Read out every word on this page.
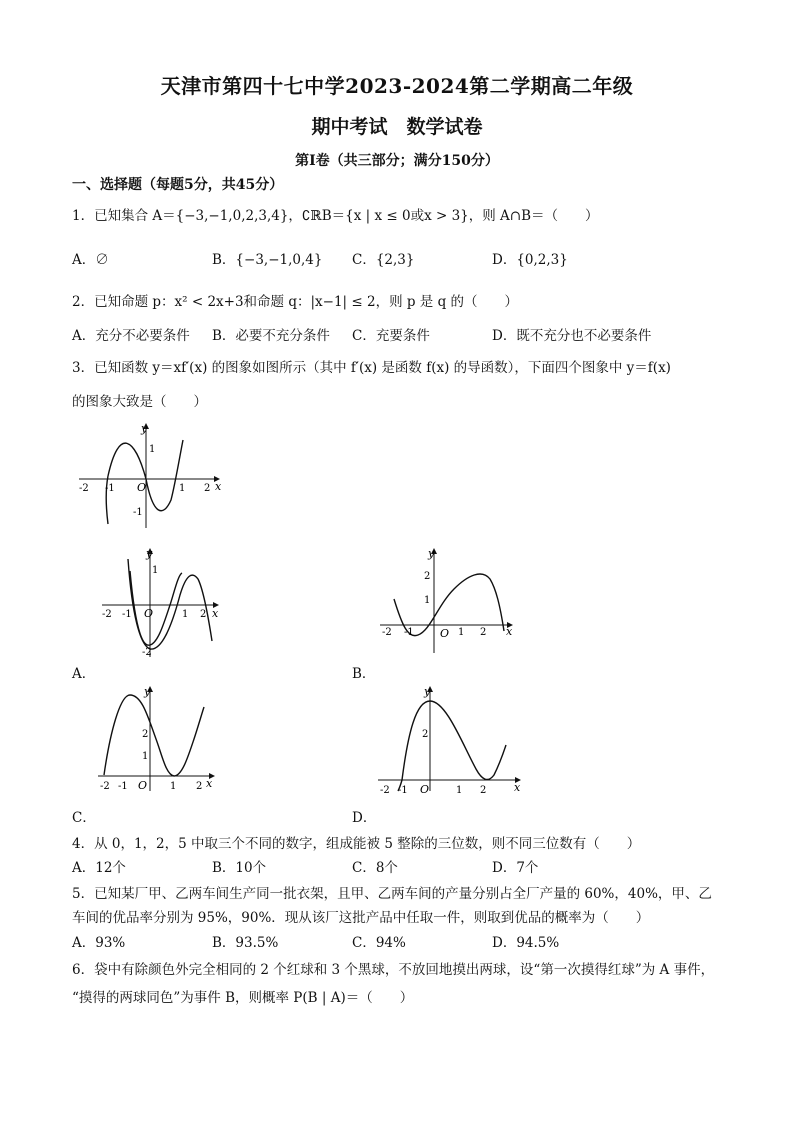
天津市第四十七中学2023-2024第二学期高二年级
期中考试　数学试卷
第Ⅰ卷（共三部分；满分150分）
一、选择题（每题5分，共45分）
1．已知集合 A＝{−3,−1,0,2,3,4}，∁ℝB＝{x | x ≤ 0或x > 3}，则 A∩B＝（　　）
A．∅	B．{−3,−1,0,4} C．{2,3}	D．{0,2,3}
2．已知命题 p：x² < 2x+3和命题 q：|x−1| ≤ 2，则 p 是 q 的（　　）
A．充分不必要条件 B．必要不充分条件 C．充要条件	D．既不充分也不必要条件
3．已知函数 y＝xf′(x) 的图象如图所示（其中 f′(x) 是函数 f(x) 的导函数），下面四个图象中 y＝f(x)
的图象大致是（　　）
y
x
O
-2 -1	1 2
1
-1
y
x
O
-2 -1	1 2
1
-2
A．
y
x
O
-2 -1	1 2
1
2
B．
y
x
O
-2 -1	1 2
1
2
C．
y
x
O
-2 -1	1 2
2
D．
4．从 0，1，2，5 中取三个不同的数字，组成能被 5 整除的三位数，则不同三位数有（　　）
A．12个	B．10个	C．8个	D．7个
5．已知某厂甲、乙两车间生产同一批衣架，且甲、乙两车间的产量分别占全厂产量的 60%，40%，甲、乙
车间的优品率分别为 95%，90%．现从该厂这批产品中任取一件，则取到优品的概率为（　　）
A．93%	B．93.5%	C．94%	D．94.5%
6．袋中有除颜色外完全相同的 2 个红球和 3 个黑球，不放回地摸出两球，设“第一次摸得红球”为 A 事件，
“摸得的两球同色”为事件 B，则概率 P(B | A)＝（　　）
